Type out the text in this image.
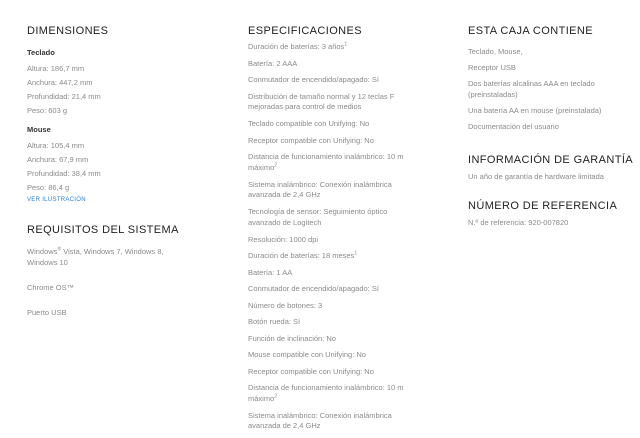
DIMENSIONES
Teclado
Altura: 186,7 mm
Anchura: 447,2 mm
Profundidad: 21,4 mm
Peso: 603 g
Mouse
Altura: 105,4 mm
Anchura: 67,9 mm
Profundidad: 38,4 mm
Peso: 86,4 g
VER ILUSTRACIÓN
REQUISITOS DEL SISTEMA
Windows® Vista, Windows 7, Windows 8,
Windows 10
Chrome OS™
Puerto USB
ESPECIFICACIONES
Duración de baterías: 3 años$^1$
Batería: 2 AAA
Conmutador de encendido/apagado: Sí
Distribución de tamaño normal y 12 teclas F
mejoradas para control de medios
Teclado compatible con Unifying: No
Receptor compatible con Unifying: No
Distancia de funcionamiento inalámbrico: 10 m
máximo$^2$
Sistema inalámbrico: Conexión inalámbrica
avanzada de 2,4 GHz
Tecnología de sensor: Seguimiento óptico
avanzado de Logitech
Resolución: 1000 dpi
Duración de baterías: 18 meses$^1$
Batería: 1 AA
Conmutador de encendido/apagado: Sí
Número de botones: 3
Botón rueda: Sí
Función de inclinación: No
Mouse compatible con Unifying: No
Receptor compatible con Unifying: No
Distancia de funcionamiento inalámbrico: 10 m
máximo$^2$
Sistema inalámbrico: Conexión inalámbrica
avanzada de 2,4 GHz
ESTA CAJA CONTIENE
Teclado, Mouse,
Receptor USB
Dos baterías alcalinas AAA en teclado
(preinstaladas)
Una batería AA en mouse (preinstalada)
Documentación del usuario
INFORMACIÓN DE GARANTÍA
Un año de garantía de hardware limitada
NÚMERO DE REFERENCIA
N.º de referencia: 920-007820
